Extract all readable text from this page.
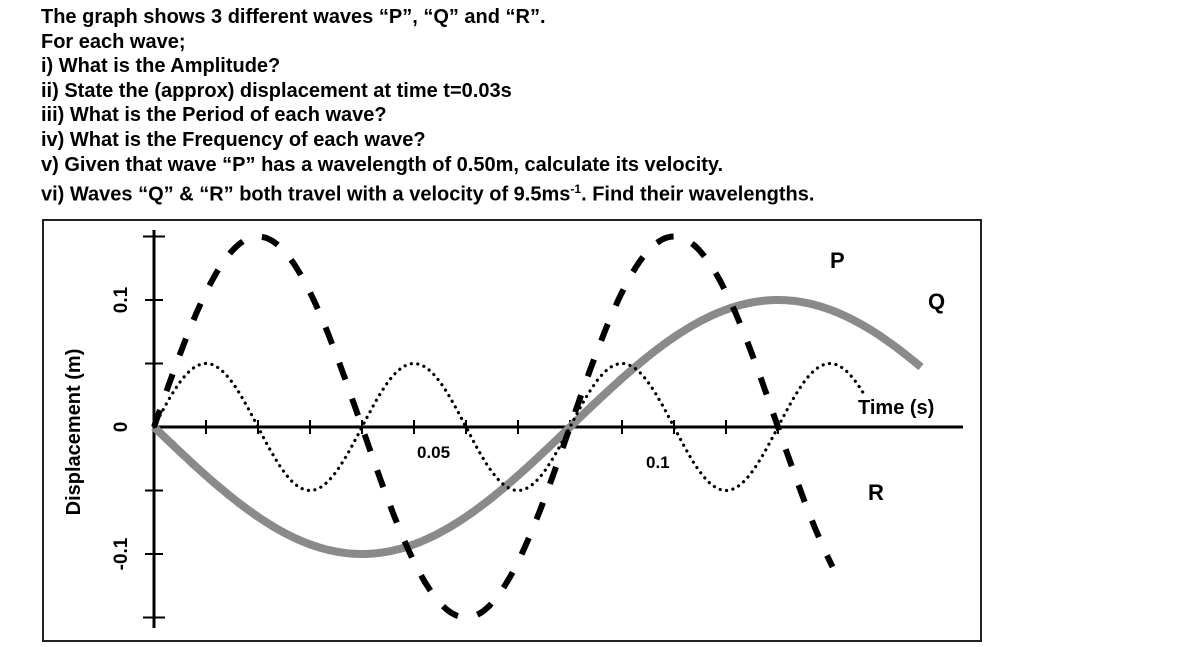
The graph shows 3 different waves “P”, “Q” and “R”.
For each wave;
i) What is the Amplitude?
ii) State the (approx) displacement at time t=0.03s
iii) What is the Period of each wave?
iv) What is the Frequency of each wave?
v) Given that wave “P” has a wavelength of 0.50m, calculate its velocity.
vi) Waves “Q” & “R” both travel with a velocity of $9.5ms^{-1}$. Find their wavelengths.
Displacement (m)	Time (s)
0.1
0
-0.1
0.05
0.1
P
Q
R
